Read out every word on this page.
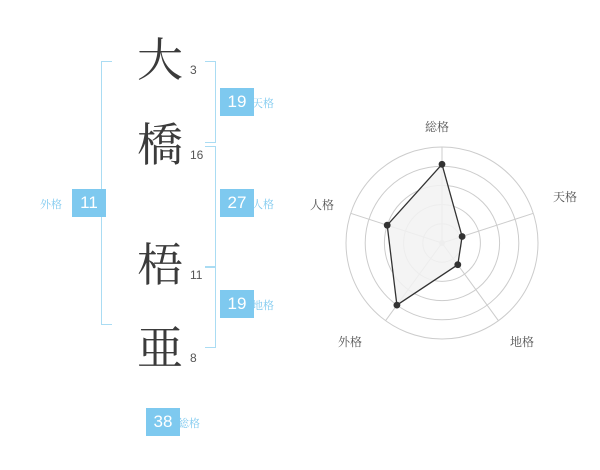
大 3
橋 16
梧 11
亜 8
19 天格
27 人格
19 地格
外格	11
38 総格
総格
天格
地格
外格
人格
